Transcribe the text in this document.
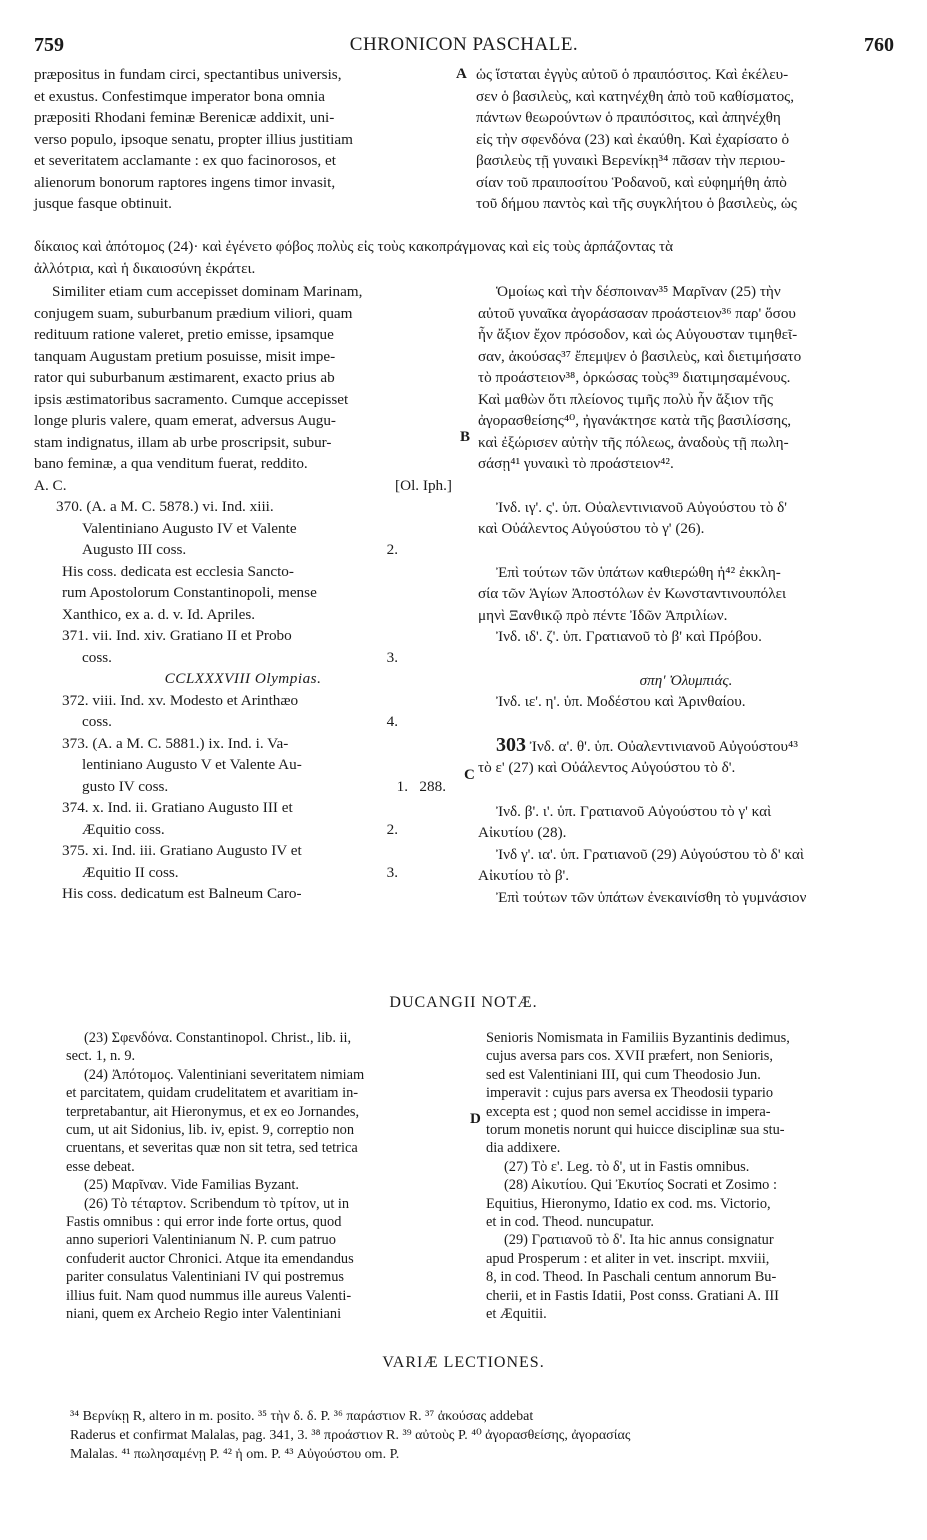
759	CHRONICON PASCHALE.	760
A
B
C
D

præpositus in fundam circi, spectantibus universis,

et exustus. Confestimque imperator bona omnia

præpositi Rhodani feminæ Berenicæ addixit, uni-

verso populo, ipsoque senatu, propter illius justitiam

et severitatem acclamante : ex quo facinorosos, et

alienorum bonorum raptores ingens timor invasit,

jusque fasque obtinuit.

ὡς ἵσταται ἐγγὺς αὐτοῦ ὁ πραιπόσιτος. Καὶ ἐκέλευ-

σεν ὁ βασιλεὺς, καὶ κατηνέχθη ἀπὸ τοῦ καθίσματος,

πάντων θεωρούντων ὁ πραιπόσιτος, καὶ ἀπηνέχθη

εἰς τὴν σφενδόνα (23) καὶ ἐκαύθη. Καὶ ἐχαρίσατο ὁ

βασιλεὺς τῇ γυναικὶ Βερενίκῃ³⁴ πᾶσαν τὴν περιου-

σίαν τοῦ πραιποσίτου Ῥοδανοῦ, καὶ εὐφημήθη ἀπὸ

τοῦ δήμου παντὸς καὶ τῆς συγκλήτου ὁ βασιλεὺς, ὡς

δίκαιος καὶ ἀπότομος (24)· καὶ ἐγένετο φόβος πολὺς εἰς τοὺς κακοπράγμονας καὶ εἰς τοὺς ἁρπάζοντας τὰ

ἀλλότρια, καὶ ἡ δικαιοσύνη ἐκράτει.

Similiter etiam cum accepisset dominam Marinam,

conjugem suam, suburbanum prædium viliori, quam

redituum ratione valeret, pretio emisse, ipsamque

tanquam Augustam pretium posuisse, misit impe-

rator qui suburbanum æstimarent, exacto prius ab

ipsis æstimatoribus sacramento. Cumque accepisset

longe pluris valere, quam emerat, adversus Augu-

stam indignatus, illam ab urbe proscripsit, subur-

bano feminæ, a qua venditum fuerat, reddito.

A. C.	[Ol. Iph.]

370. (A. a M. C. 5878.) vi. Ind. xiii.

Valentiniano Augusto IV et Valente

Augusto III coss.	2.

His coss. dedicata est ecclesia Sancto-

rum Apostolorum Constantinopoli, mense

Xanthico, ex a. d. v. Id. Apriles.

371. vii. Ind. xiv. Gratiano II et Probo

coss.	3.

CCLXXXVIII Olympias.

372. viii. Ind. xv. Modesto et Arinthæo

coss.	4.

373. (A. a M. C. 5881.) ix. Ind. i. Va-

lentiniano Augusto V et Valente Au-

gusto IV coss.	1.   288.

374. x. Ind. ii. Gratiano Augusto III et

Æquitio coss.	2.

375. xi. Ind. iii. Gratiano Augusto IV et

Æquitio II coss.	3.

His coss. dedicatum est Balneum Caro-

Ὁμοίως καὶ τὴν δέσποιναν³⁵ Μαρῖναν (25) τὴν

αὐτοῦ γυναῖκα ἀγοράσασαν προάστειον³⁶ παρ' ὅσου

ἦν ἄξιον ἔχον πρόσοδον, καὶ ὡς Αὐγουσταν τιμηθεῖ-

σαν, ἀκούσας³⁷ ἔπεμψεν ὁ βασιλεὺς, καὶ διετιμήσατο

τὸ προάστειον³⁸, ὁρκώσας τοὺς³⁹ διατιμησαμένους.

Καὶ μαθὼν ὅτι πλείονος τιμῆς πολὺ ἦν ἄξιον τῆς

ἀγορασθείσης⁴⁰, ἠγανάκτησε κατὰ τῆς βασιλίσσης,

καὶ ἐξώρισεν αὐτὴν τῆς πόλεως, ἀναδοὺς τῇ πωλη-

σάσῃ⁴¹ γυναικὶ τὸ προάστειον⁴².

Ἰνδ. ιγ'. ς'. ὑπ. Οὐαλεντινιανοῦ Αὐγούστου τὸ δ'

καὶ Οὐάλεντος Αὐγούστου τὸ γ' (26).

Ἐπὶ τούτων τῶν ὑπάτων καθιερώθη ἡ⁴² ἐκκλη-

σία τῶν Ἁγίων Ἀποστόλων ἐν Κωνσταντινουπόλει

μηνὶ Ξανθικῷ πρὸ πέντε Ἰδῶν Ἀπριλίων.

Ἰνδ. ιδ'. ζ'. ὑπ. Γρατιανοῦ τὸ β' καὶ Πρόβου.

σπη' Ὀλυμπιάς.

Ἰνδ. ιε'. η'. ὑπ. Μοδέστου καὶ Ἀρινθαίου.

303 Ἰνδ. α'. θ'. ὑπ. Οὐαλεντινιανοῦ Αὐγούστου⁴³

τὸ ε' (27) καὶ Οὐάλεντος Αὐγούστου τὸ δ'.

Ἰνδ. β'. ι'. ὑπ. Γρατιανοῦ Αὐγούστου τὸ γ' καὶ

Αἰκυτίου (28).

Ἰνδ γ'. ια'. ὑπ. Γρατιανοῦ (29) Αὐγούστου τὸ δ' καὶ

Αἰκυτίου τὸ β'.

Ἐπὶ τούτων τῶν ὑπάτων ἐνεκαινίσθη τὸ γυμνάσιον

DUCANGII NOTÆ.

(23) Σφενδόνα. Constantinopol. Christ., lib. ii,

sect. 1, n. 9.

(24) Ἀπότομος. Valentiniani severitatem nimiam

et parcitatem, quidam crudelitatem et avaritiam in-

terpretabantur, ait Hieronymus, et ex eo Jornandes,

cum, ut ait Sidonius, lib. iv, epist. 9, correptio non

cruentans, et severitas quæ non sit tetra, sed tetrica

esse debeat.

(25) Μαρῖναν. Vide Familias Byzant.

(26) Τὸ τέταρτον. Scribendum τὸ τρίτον, ut in

Fastis omnibus : qui error inde forte ortus, quod

anno superiori Valentinianum N. P. cum patruo

confuderit auctor Chronici. Atque ita emendandus

pariter consulatus Valentiniani IV qui postremus

illius fuit. Nam quod nummus ille aureus Valenti-

niani, quem ex Archeio Regio inter Valentiniani

Senioris Nomismata in Familiis Byzantinis dedimus,

cujus aversa pars cos. XVII præfert, non Senioris,

sed est Valentiniani III, qui cum Theodosio Jun.

imperavit : cujus pars aversa ex Theodosii typario

excepta est ; quod non semel accidisse in impera-

torum monetis norunt qui huicce disciplinæ sua stu-

dia addixere.

(27) Τὸ ε'. Leg. τὸ δ', ut in Fastis omnibus.

(28) Αἰκυτίου. Qui Ἐκυτίος Socrati et Zosimo :

Equitius, Hieronymo, Idatio ex cod. ms. Victorio,

et in cod. Theod. nuncupatur.

(29) Γρατιανοῦ τὸ δ'. Ita hic annus consignatur

apud Prosperum : et aliter in vet. inscript. mxviii,

8, in cod. Theod. In Paschali centum annorum Bu-

cherii, et in Fastis Idatii, Post conss. Gratiani A. III

et Æquitii.

VARIÆ LECTIONES.

³⁴ Βερνίκῃ R, altero in m. posito. ³⁵ τὴν δ. δ. P. ³⁶ παράστιον R. ³⁷ ἀκούσας addebat

Raderus et confirmat Malalas, pag. 341, 3. ³⁸ προάστιον R. ³⁹ αὐτοὺς P. ⁴⁰ ἀγορασθείσης, ἀγορασίας

Malalas. ⁴¹ πωλησαμένῃ P. ⁴² ἡ om. P. ⁴³ Αὐγούστου om. P.
